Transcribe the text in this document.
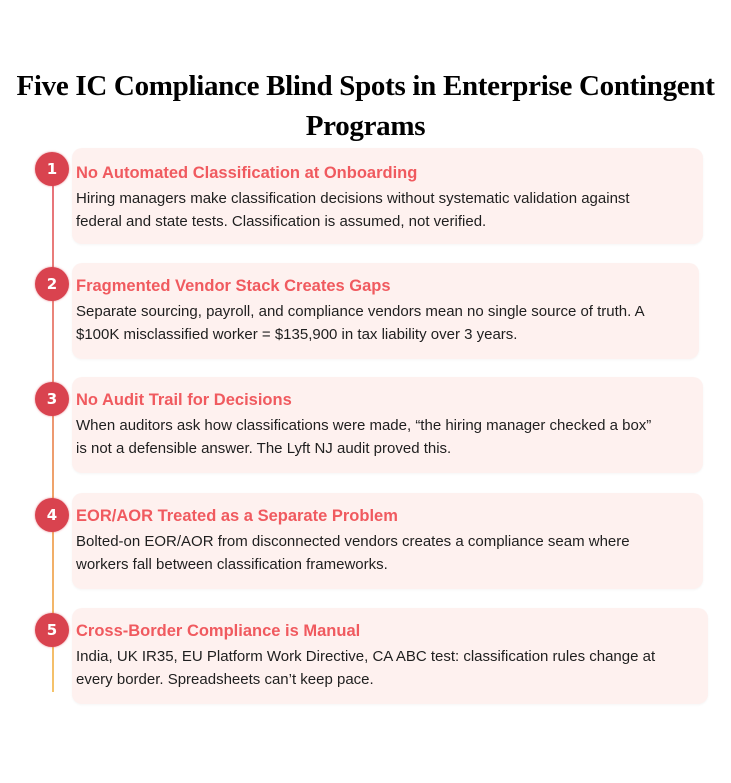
Five IC Compliance Blind Spots in Enterprise Contingent
Programs
No Automated Classification at Onboarding
Hiring managers make classification decisions without systematic validation against
federal and state tests. Classification is assumed, not verified.
1
Fragmented Vendor Stack Creates Gaps
Separate sourcing, payroll, and compliance vendors mean no single source of truth. A
$100K misclassified worker = $135,900 in tax liability over 3 years.
2
No Audit Trail for Decisions
When auditors ask how classifications were made, “the hiring manager checked a box”
is not a defensible answer. The Lyft NJ audit proved this.
3
EOR/AOR Treated as a Separate Problem
Bolted-on EOR/AOR from disconnected vendors creates a compliance seam where
workers fall between classification frameworks.
4
Cross-Border Compliance is Manual
India, UK IR35, EU Platform Work Directive, CA ABC test: classification rules change at
every border. Spreadsheets can’t keep pace.
5
